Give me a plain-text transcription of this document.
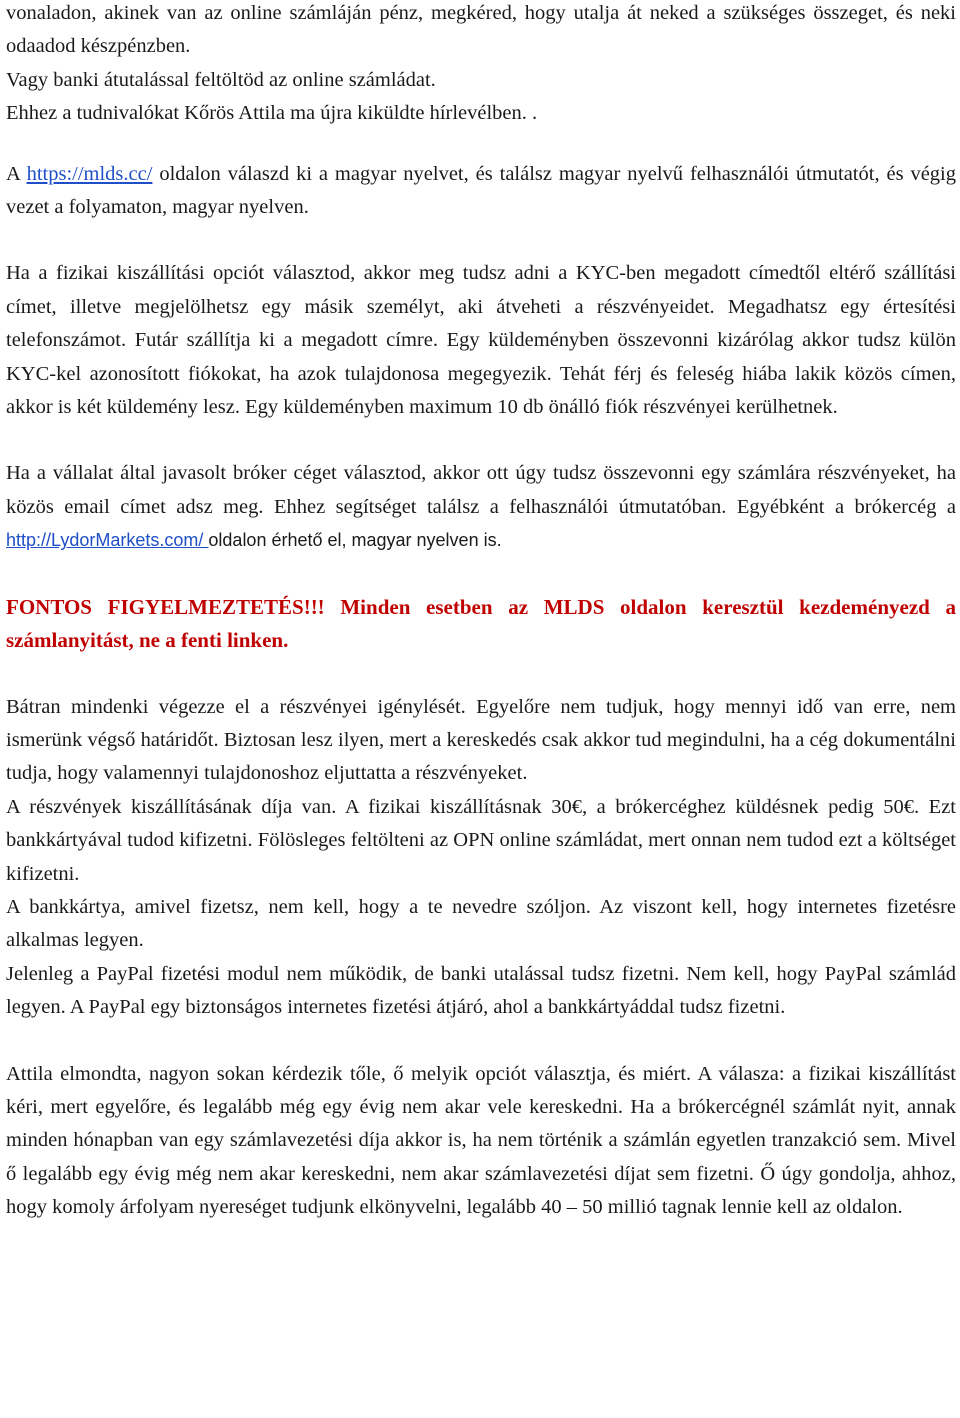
vonaladon, akinek van az online számláján pénz, megkéred, hogy utalja át neked a szükséges összeget, és neki odaadod készpénzben.
Vagy banki átutalással feltöltöd az online számládat.
Ehhez a tudnivalókat Kőrös Attila ma újra kiküldte hírlevélben. .

A https://mlds.cc/ oldalon válaszd ki a magyar nyelvet, és találsz magyar nyelvű felhasználói útmutatót, és végig vezet a folyamaton, magyar nyelven.

Ha a fizikai kiszállítási opciót választod, akkor meg tudsz adni a KYC-ben megadott címedtől eltérő szállítási címet, illetve megjelölhetsz egy másik személyt, aki átveheti a részvényeidet. Megadhatsz egy értesítési telefonszámot. Futár szállítja ki a megadott címre. Egy küldeményben összevonni kizárólag akkor tudsz külön KYC-kel azonosított fiókokat, ha azok tulajdonosa megegyezik. Tehát férj és feleség hiába lakik közös címen, akkor is két küldemény lesz. Egy küldeményben maximum 10 db önálló fiók részvényei kerülhetnek.

Ha a vállalat által javasolt bróker céget választod, akkor ott úgy tudsz összevonni egy számlára részvényeket, ha közös email címet adsz meg. Ehhez segítséget találsz a felhasználói útmutatóban. Egyébként a brókercég a http://LydorMarkets.com/ oldalon érhető el, magyar nyelven is.

FONTOS FIGYELMEZTETÉS!!! Minden esetben az MLDS oldalon keresztül kezdeményezd a számlanyitást, ne a fenti linken.

Bátran mindenki végezze el a részvényei igénylését. Egyelőre nem tudjuk, hogy mennyi idő van erre, nem ismerünk végső határidőt. Biztosan lesz ilyen, mert a kereskedés csak akkor tud megindulni, ha a cég dokumentálni tudja, hogy valamennyi tulajdonoshoz eljuttatta a részvényeket.

A részvények kiszállításának díja van. A fizikai kiszállításnak 30€, a brókercéghez küldésnek pedig 50€. Ezt bankkártyával tudod kifizetni. Fölösleges feltölteni az OPN online számládat, mert onnan nem tudod ezt a költséget kifizetni.

A bankkártya, amivel fizetsz, nem kell, hogy a te nevedre szóljon. Az viszont kell, hogy internetes fizetésre alkalmas legyen.

Jelenleg a PayPal fizetési modul nem működik, de banki utalással tudsz fizetni. Nem kell, hogy PayPal számlád legyen. A PayPal egy biztonságos internetes fizetési átjáró, ahol a bankkártyáddal tudsz fizetni.

Attila elmondta, nagyon sokan kérdezik tőle, ő melyik opciót választja, és miért. A válasza: a fizikai kiszállítást kéri, mert egyelőre, és legalább még egy évig nem akar vele kereskedni. Ha a brókercégnél számlát nyit, annak minden hónapban van egy számlavezetési díja akkor is, ha nem történik a számlán egyetlen tranzakció sem. Mivel ő legalább egy évig még nem akar kereskedni, nem akar számlavezetési díjat sem fizetni. Ő úgy gondolja, ahhoz, hogy komoly árfolyam nyereséget tudjunk elkönyvelni, legalább 40 – 50 millió tagnak lennie kell az oldalon.
